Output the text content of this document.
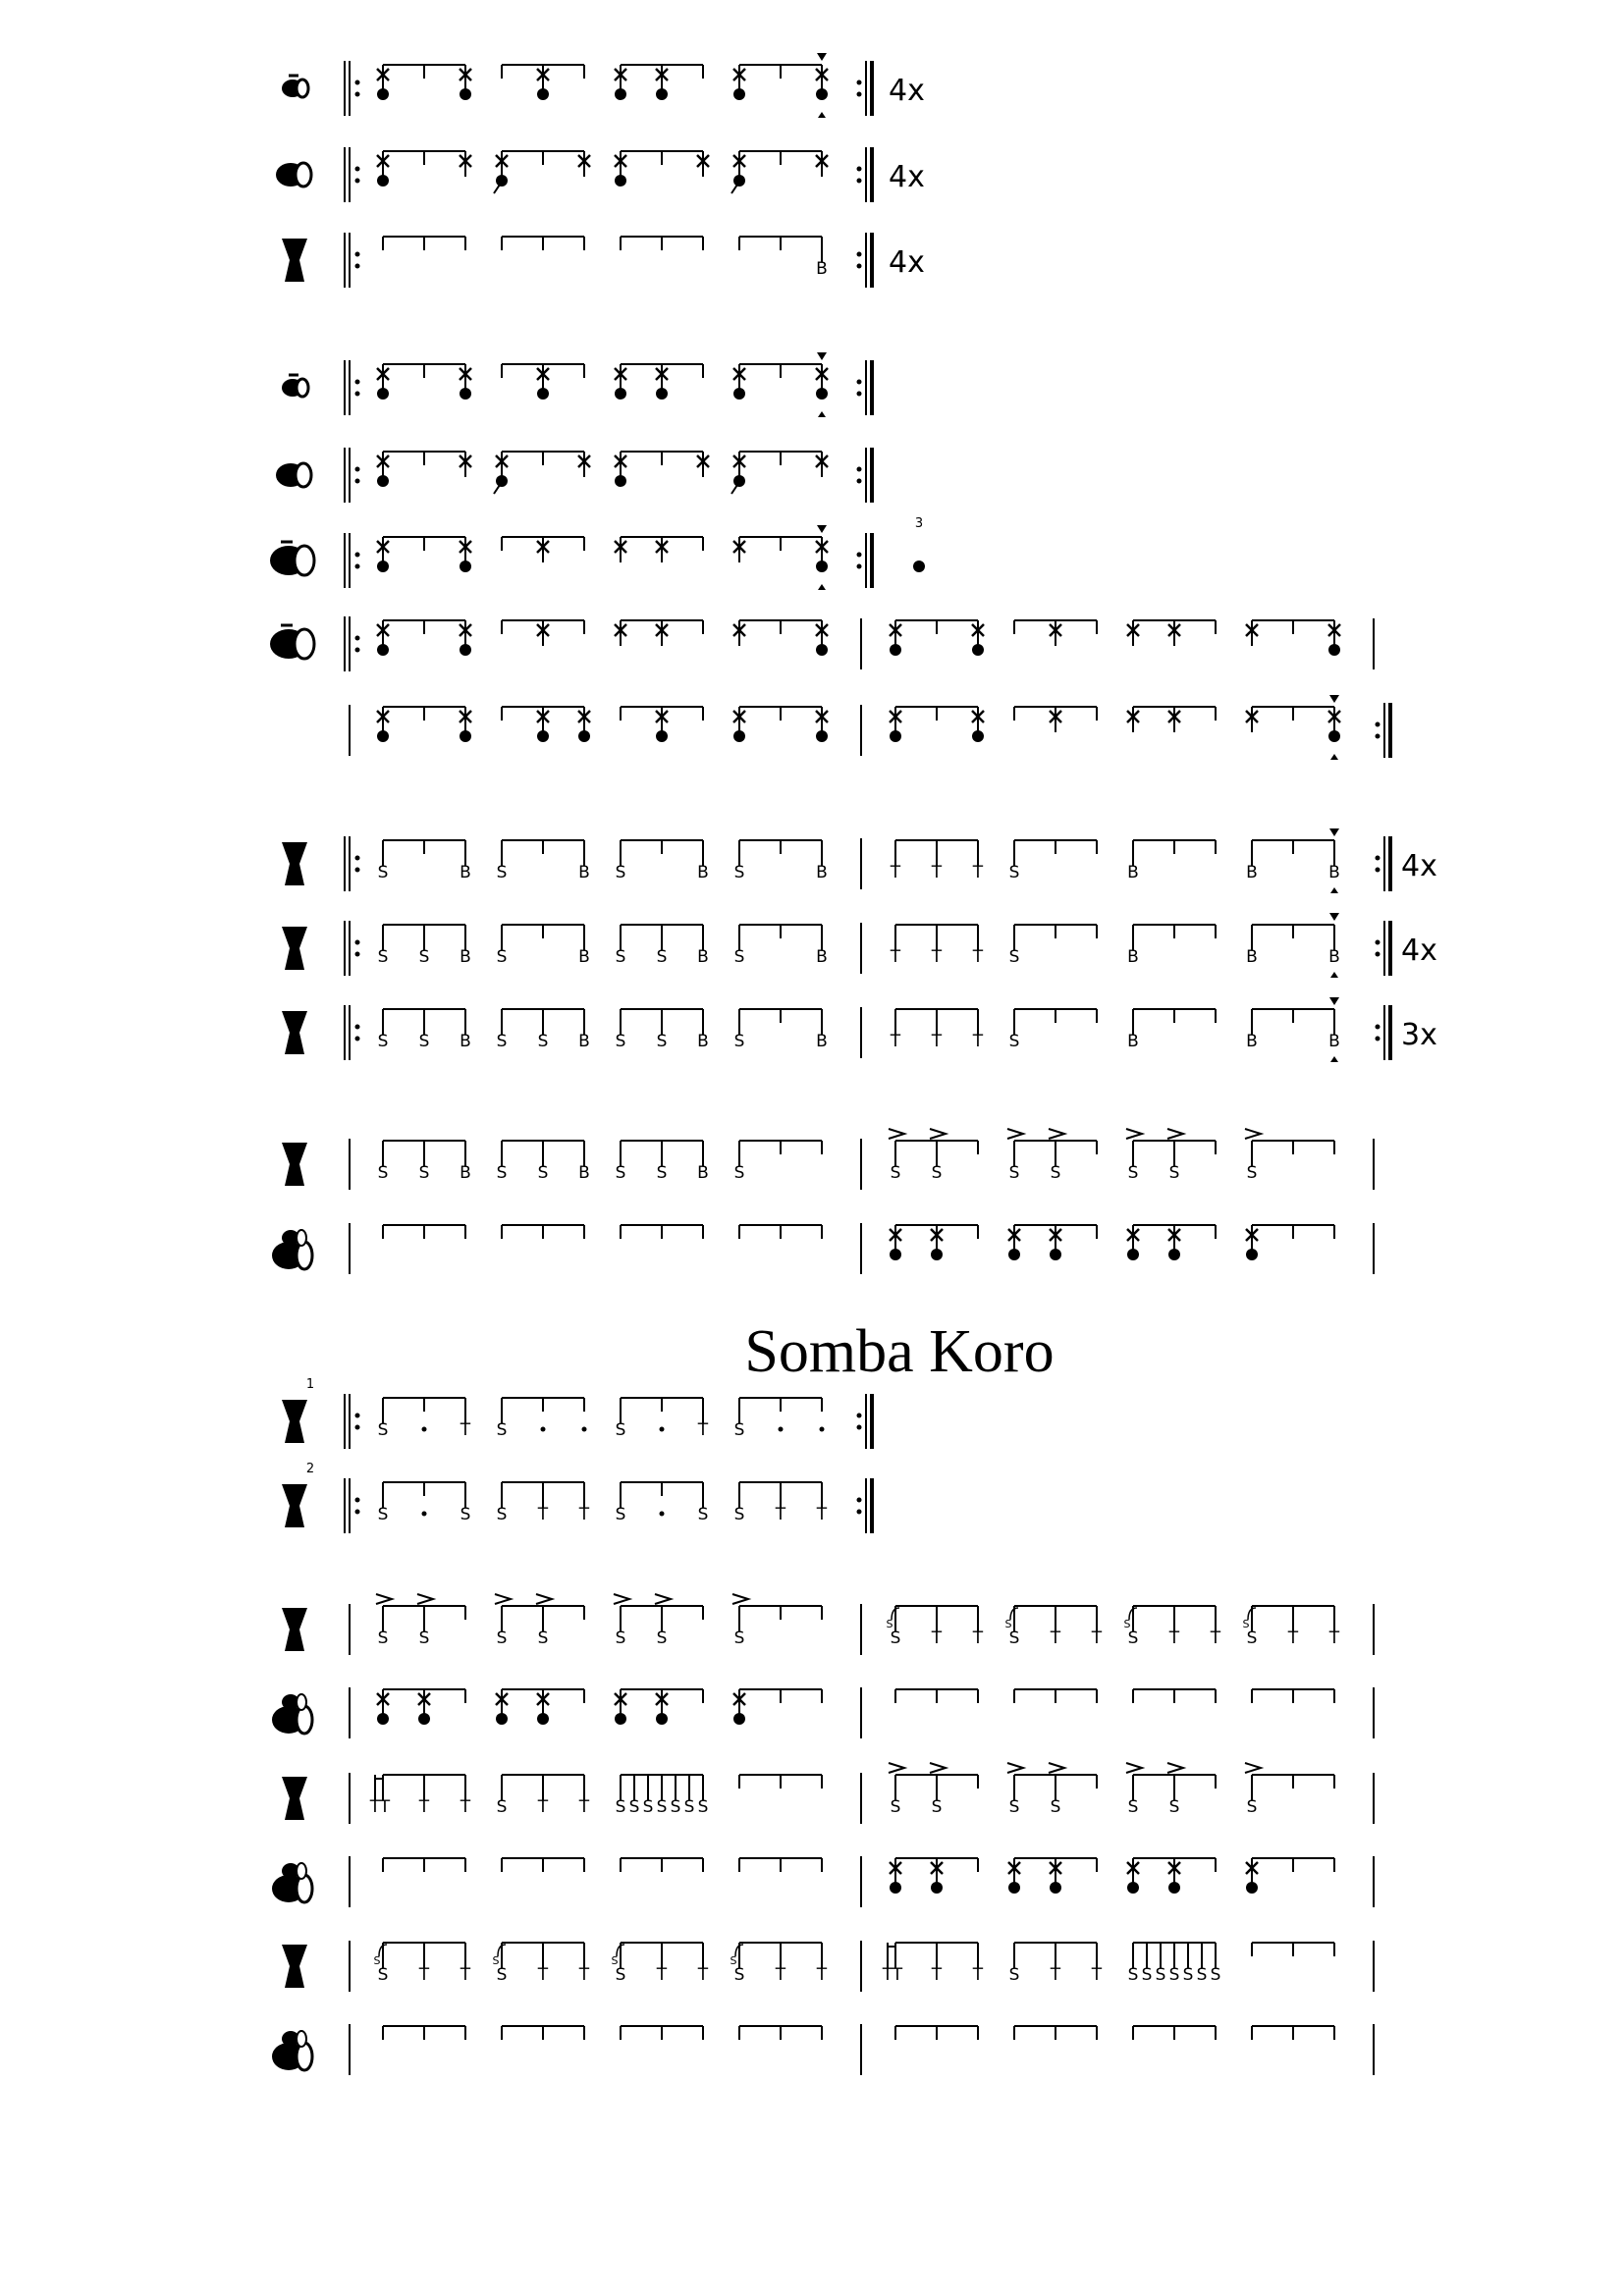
4x
4x
B 4x
S	B S	B S	B S	B	T T T S	B	B	B 4x
S S B S	B S S B S	B	T T T S	B	B	B 4x
S S B S S B S S B S	B	T T T S	B	B	B 3x
S S B S S B S S B S	S S	S S	S S	S
1
S	T S	S	T S
2
S	S S T T S	S S T T
S S	S S	S S	S	S
S
T T S
S
T T S
S
T T S
S
T T
T T T T S T T S S S S S S S	S S	S S	S S	S
S
S
T T S
S
T T S
S
T T S
S
T T	T T T T S T T S S S S S S S
3
Somba Koro
